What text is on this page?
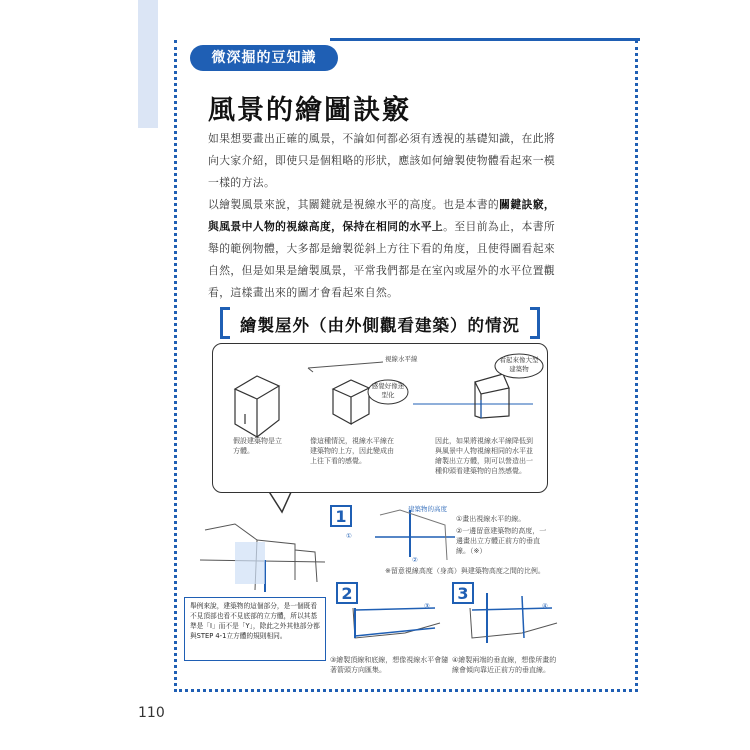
微深掘的豆知識
風景的繪圖訣竅
如果想要畫出正確的風景，不論如何都必須有透視的基礎知識，在此將向大家介紹，即使只是個粗略的形狀，應該如何繪製使物體看起來一模一樣的方法。
以繪製風景來說，其關鍵就是視線水平的高度。也是本書的關鍵訣竅，與風景中人物的視線高度，保持在相同的水平上。至目前為止，本書所舉的範例物體，大多都是繪製從斜上方往下看的角度，且使得圖看起來自然，但是如果是繪製風景，平常我們都是在室內或屋外的水平位置觀看，這樣畫出來的圖才會看起來自然。
繪製屋外（由外側觀看建築）的情況
視線水平線
感覺好像迷型化
看起來像大型建築物
假設建築物是立方體。
像這種情況，視線水平線在建築物的上方，因此變成由上往下看的感覺。
因此，如果將視線水平線降低到與風景中人物視線相同的水平並繪製出立方體，則可以營造出一種仰頭看建築物的自然感覺。
1	建築物的高度
①
②
①畫出視線水平的線。
②一邊留意建築物的高度，一邊畫出立方體正前方的垂直線。（※）
※留意視線高度（身高）與建築物高度之間的比例。
2
③
③繪製頂線和底線，想像視線水平會隨著箭頭方向匯集。
3
④
④繪製兩端的垂直線，想像所畫的線會傾向靠近正前方的垂直線。
舉例來說，建築物的這個部分，是一個既看不見頂部也看不見底部的立方體，所以其基準是「I」而不是「Y」，除此之外其他部分都與STEP 4-1立方體的規則相同。
110
